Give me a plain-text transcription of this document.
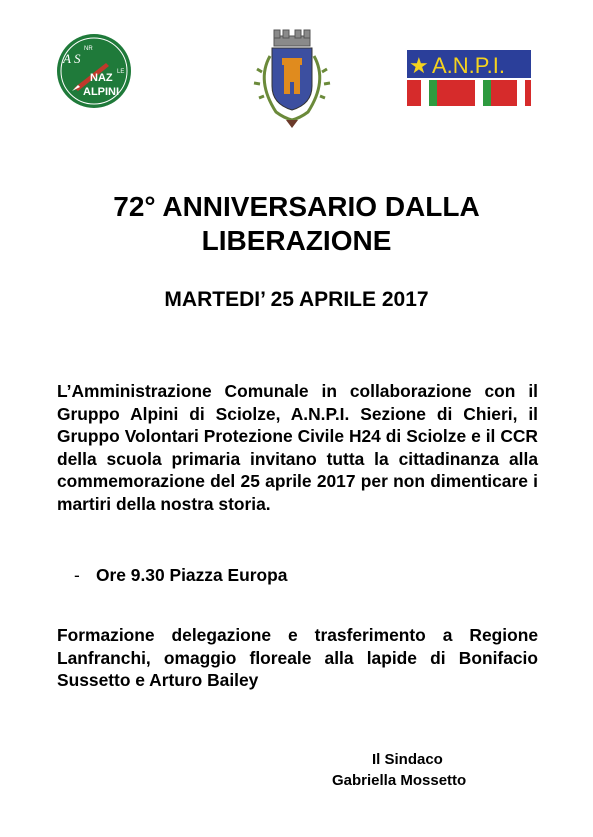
A S
NR
NAZ LE
ALPINI
★ A.N.P.I.
72° ANNIVERSARIO DALLA
LIBERAZIONE
MARTEDI’ 25 APRILE 2017
L’Amministrazione Comunale in collaborazione con il Gruppo Alpini di Sciolze, A.N.P.I. Sezione di Chieri, il Gruppo Volontari Protezione Civile H24 di Sciolze e il CCR della scuola primaria invitano tutta la cittadinanza alla commemorazione del 25 aprile 2017 per non dimenticare i martiri della nostra storia.
- Ore 9.30 Piazza Europa
Formazione delegazione e trasferimento a Regione Lanfranchi, omaggio floreale alla lapide di Bonifacio Sussetto e Arturo Bailey
Il Sindaco
Gabriella Mossetto
